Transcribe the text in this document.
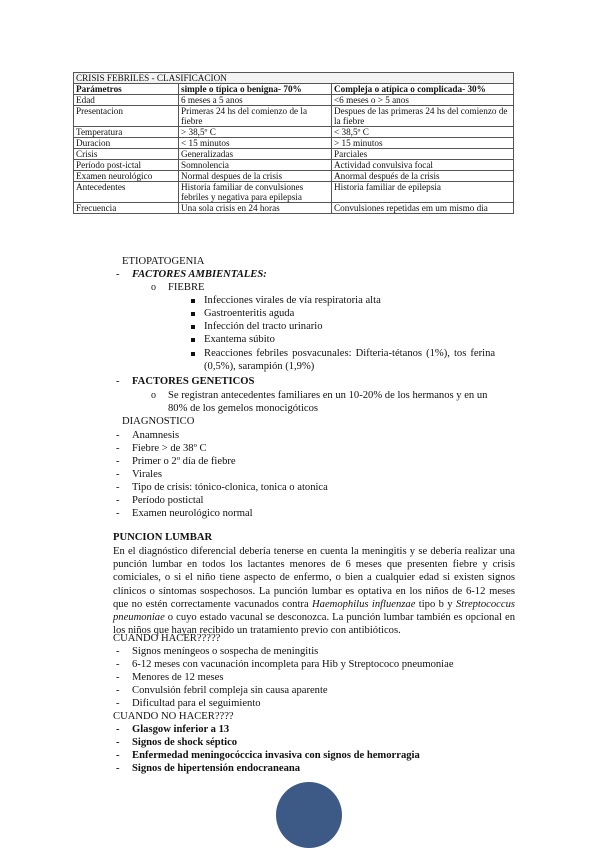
CRISIS FEBRILES - CLASIFICACION		
Parámetros	simple o típica o benigna- 70%	Compleja o atípica o complicada- 30%
Edad	6 meses a 5 anos	<6 meses o > 5 anos
Presentacion	Primeras 24 hs del comienzo de la fiebre	Despues de las primeras 24 hs del comienzo de la fiebre
Temperatura	> 38,5º C	< 38,5º C
Duracion	< 15 minutos	> 15 minutos
Crisis	Generalizadas	Parciales
Período post-ictal	Somnolencia	Actividad convulsiva focal
Examen neurológico	Normal despues de la crisis	Anormal después de la crisis
Antecedentes	Historia familiar de convulsiones febriles y negativa para epilepsia	Historia familiar de epilepsia
Frecuencia	Una sola crisis en 24 horas	Convulsiones repetidas em um mismo dia
ETIOPATOGENIA
- FACTORES AMBIENTALES:
o FIEBRE
Infecciones virales de vía respiratoria alta
Gastroenteritis aguda
Infección del tracto urinario
Exantema súbito
Reacciones febriles posvacunales: Difteria-tétanos (1%), tos ferina
(0,5%), sarampión (1,9%)
- FACTORES GENETICOS
o Se registran antecedentes familiares en un 10-20% de los hermanos y en un
80% de los gemelos monocigóticos
DIAGNOSTICO
- Anamnesis
- Fiebre > de 38º C
- Primer o 2º día de fiebre
- Virales
- Tipo de crisis: tónico-clonica, tonica o atonica
- Período postictal
- Examen neurológico normal
PUNCION LUMBAR
En el diagnóstico diferencial debería tenerse en cuenta la meningitis y se debería realizar una punción lumbar en todos los lactantes menores de 6 meses que presenten fiebre y crisis comiciales, o si el niño tiene aspecto de enfermo, o bien a cualquier edad si existen signos clínicos o síntomas sospechosos. La punción lumbar es optativa en los niños de 6-12 meses que no estén correctamente vacunados contra Haemophilus influenzae tipo b y Streptococcus pneumoniae o cuyo estado vacunal se desconozca. La punción lumbar también es opcional en los niños que hayan recibido un tratamiento previo con antibióticos.
CUANDO HACER?????
- Signos meníngeos o sospecha de meningitis
- 6-12 meses con vacunación incompleta para Hib y Streptococo pneumoniae
- Menores de 12 meses
- Convulsión febril compleja sin causa aparente
- Dificultad para el seguimiento
CUANDO NO HACER????
- Glasgow inferior a 13
- Signos de shock séptico
- Enfermedad meningocóccica invasiva con signos de hemorragia
- Signos de hipertensión endocraneana
